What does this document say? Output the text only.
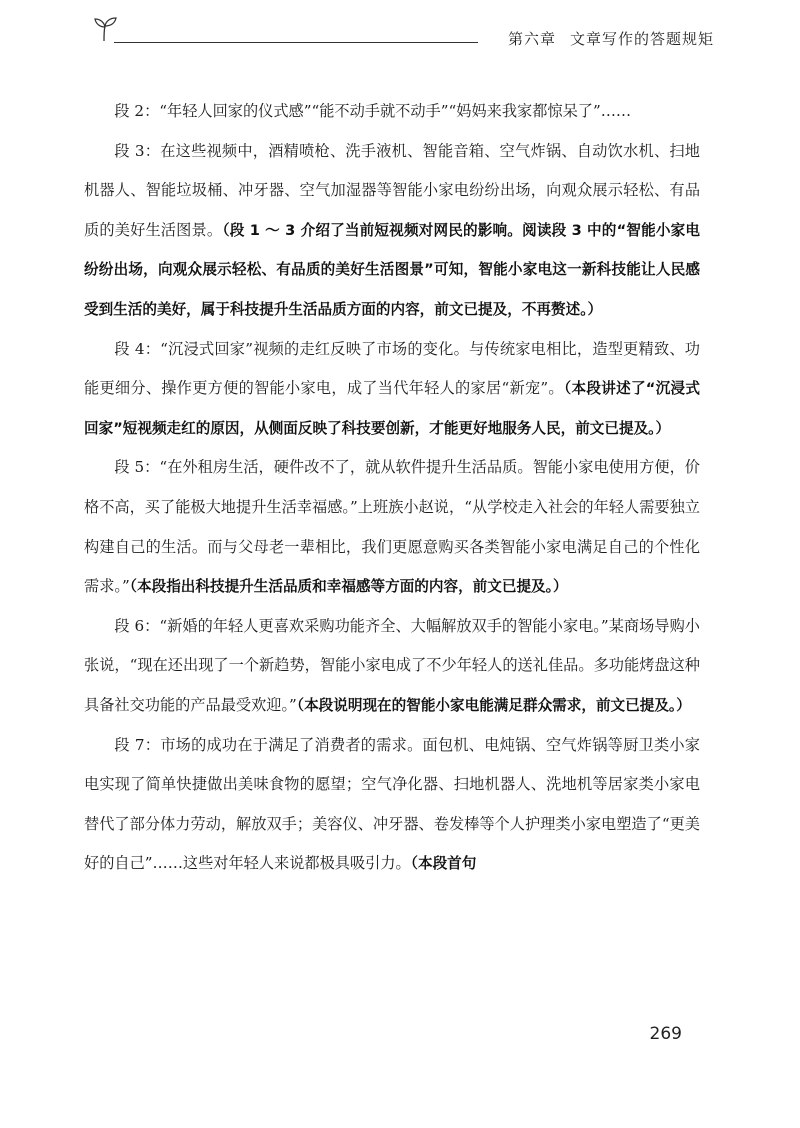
第六章 文章写作的答题规矩

段 2：“年轻人回家的仪式感”“能不动手就不动手”“妈妈来我家都惊呆了”……

段 3：在这些视频中，酒精喷枪、洗手液机、智能音箱、空气炸锅、自动饮水机、扫地机器人、智能垃圾桶、冲牙器、空气加湿器等智能小家电纷纷出场，向观众展示轻松、有品质的美好生活图景。（段 1 ～ 3 介绍了当前短视频对网民的影响。阅读段 3 中的“智能小家电纷纷出场，向观众展示轻松、有品质的美好生活图景”可知，智能小家电这一新科技能让人民感受到生活的美好，属于科技提升生活品质方面的内容，前文已提及，不再赘述。）

段 4：“沉浸式回家”视频的走红反映了市场的变化。与传统家电相比，造型更精致、功能更细分、操作更方便的智能小家电，成了当代年轻人的家居“新宠”。（本段讲述了“沉浸式回家”短视频走红的原因，从侧面反映了科技要创新，才能更好地服务人民，前文已提及。）

段 5：“在外租房生活，硬件改不了，就从软件提升生活品质。智能小家电使用方便，价格不高，买了能极大地提升生活幸福感。”上班族小赵说，“从学校走入社会的年轻人需要独立构建自己的生活。而与父母老一辈相比，我们更愿意购买各类智能小家电满足自己的个性化需求。”（本段指出科技提升生活品质和幸福感等方面的内容，前文已提及。）

段 6：“新婚的年轻人更喜欢采购功能齐全、大幅解放双手的智能小家电。”某商场导购小张说，“现在还出现了一个新趋势，智能小家电成了不少年轻人的送礼佳品。多功能烤盘这种具备社交功能的产品最受欢迎。”（本段说明现在的智能小家电能满足群众需求，前文已提及。）

段 7：市场的成功在于满足了消费者的需求。面包机、电炖锅、空气炸锅等厨卫类小家电实现了简单快捷做出美味食物的愿望；空气净化器、扫地机器人、洗地机等居家类小家电替代了部分体力劳动，解放双手；美容仪、冲牙器、卷发棒等个人护理类小家电塑造了“更美好的自己”……这些对年轻人来说都极具吸引力。（本段首句

269
